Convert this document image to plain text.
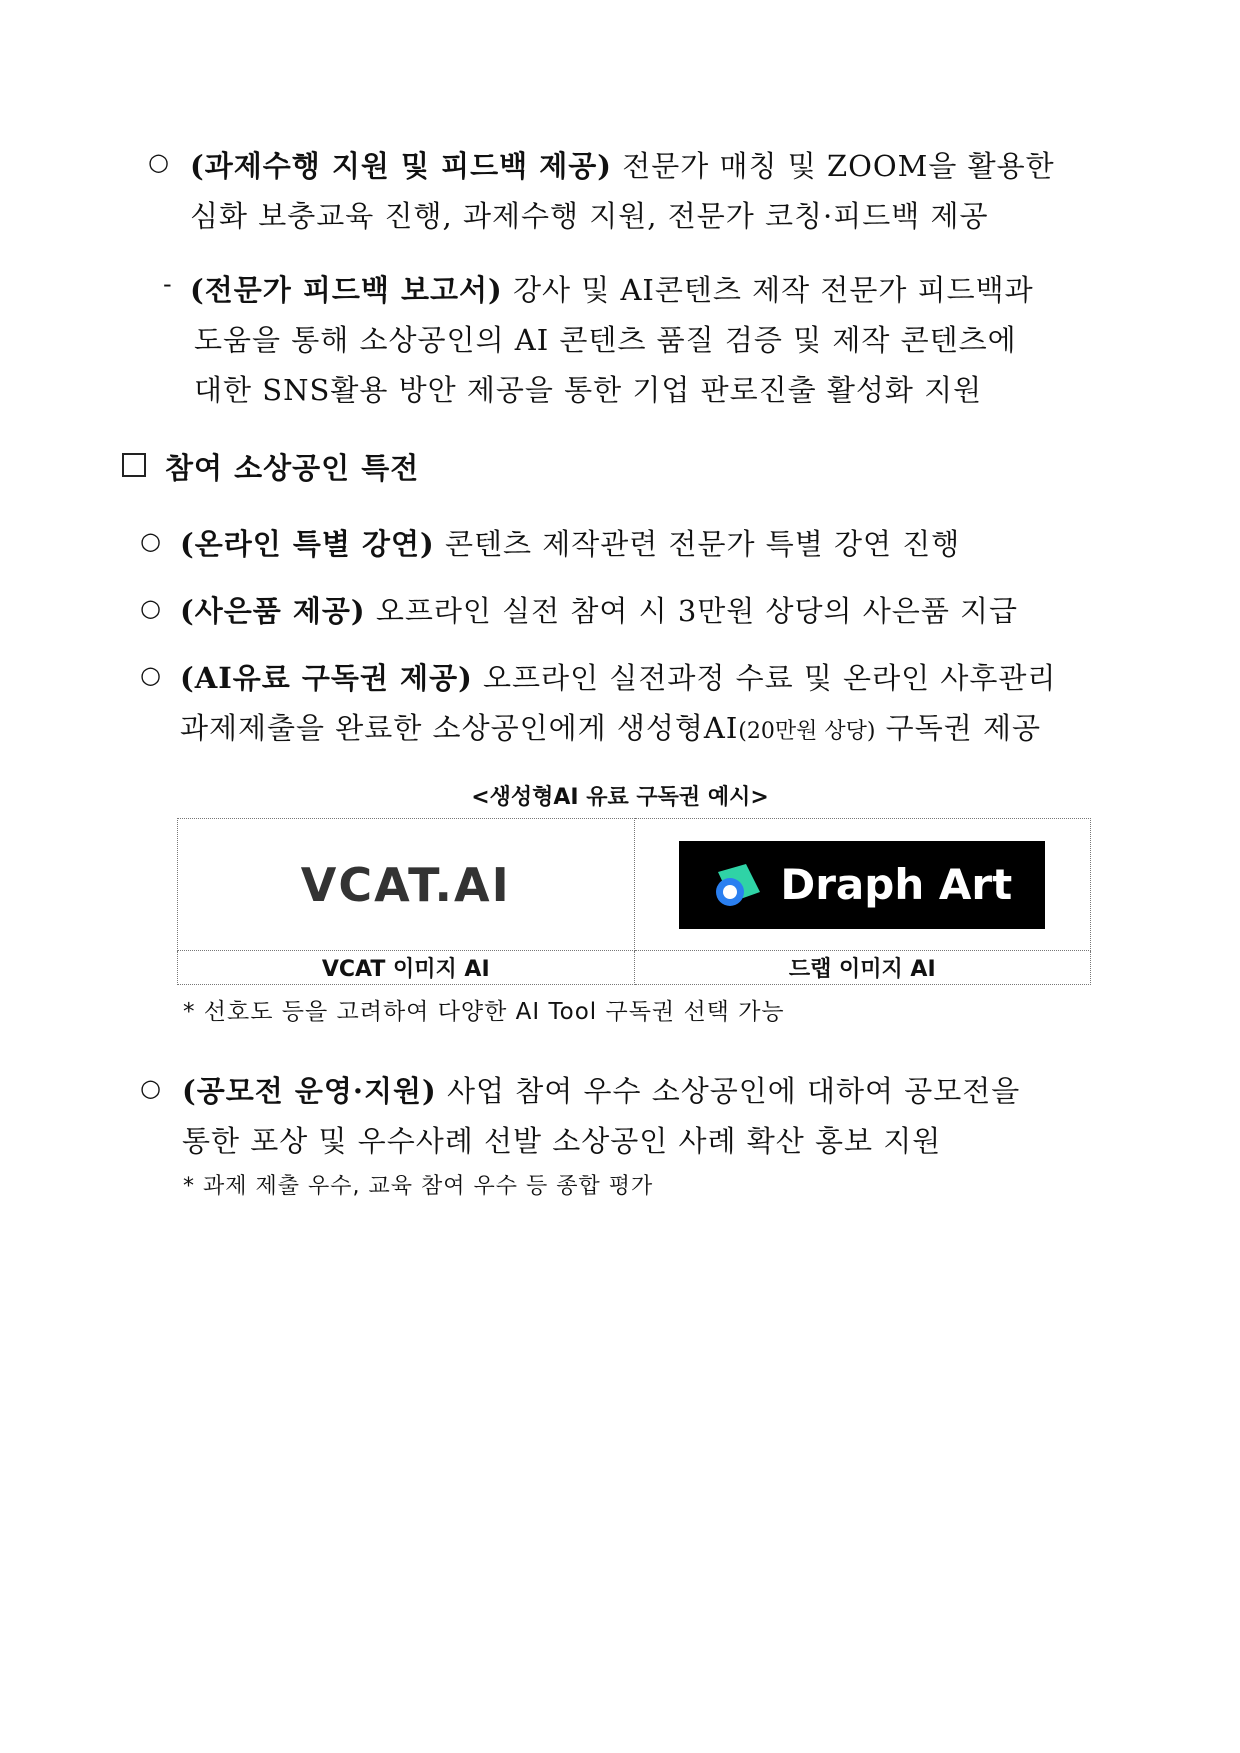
○ (과제수행 지원 및 피드백 제공) 전문가 매칭 및 ZOOM을 활용한
심화 보충교육 진행, 과제수행 지원, 전문가 코칭·피드백 제공
- (전문가 피드백 보고서) 강사 및 AI콘텐츠 제작 전문가 피드백과
도움을 통해 소상공인의 AI 콘텐츠 품질 검증 및 제작 콘텐츠에
대한 SNS활용 방안 제공을 통한 기업 판로진출 활성화 지원
참여 소상공인 특전
○ (온라인 특별 강연) 콘텐츠 제작관련 전문가 특별 강연 진행
○ (사은품 제공) 오프라인 실전 참여 시 3만원 상당의 사은품 지급
○ (AI유료 구독권 제공) 오프라인 실전과정 수료 및 온라인 사후관리
과제제출을 완료한 소상공인에게 생성형AI(20만원 상당) 구독권 제공
<생성형AI 유료 구독권 예시>
VCAT.AI	Draph Art

VCAT 이미지 AI	드랩 이미지 AI
* 선호도 등을 고려하여 다양한 AI Tool 구독권 선택 가능
○ (공모전 운영·지원) 사업 참여 우수 소상공인에 대하여 공모전을
통한 포상 및 우수사례 선발 소상공인 사례 확산 홍보 지원
* 과제 제출 우수, 교육 참여 우수 등 종합 평가
